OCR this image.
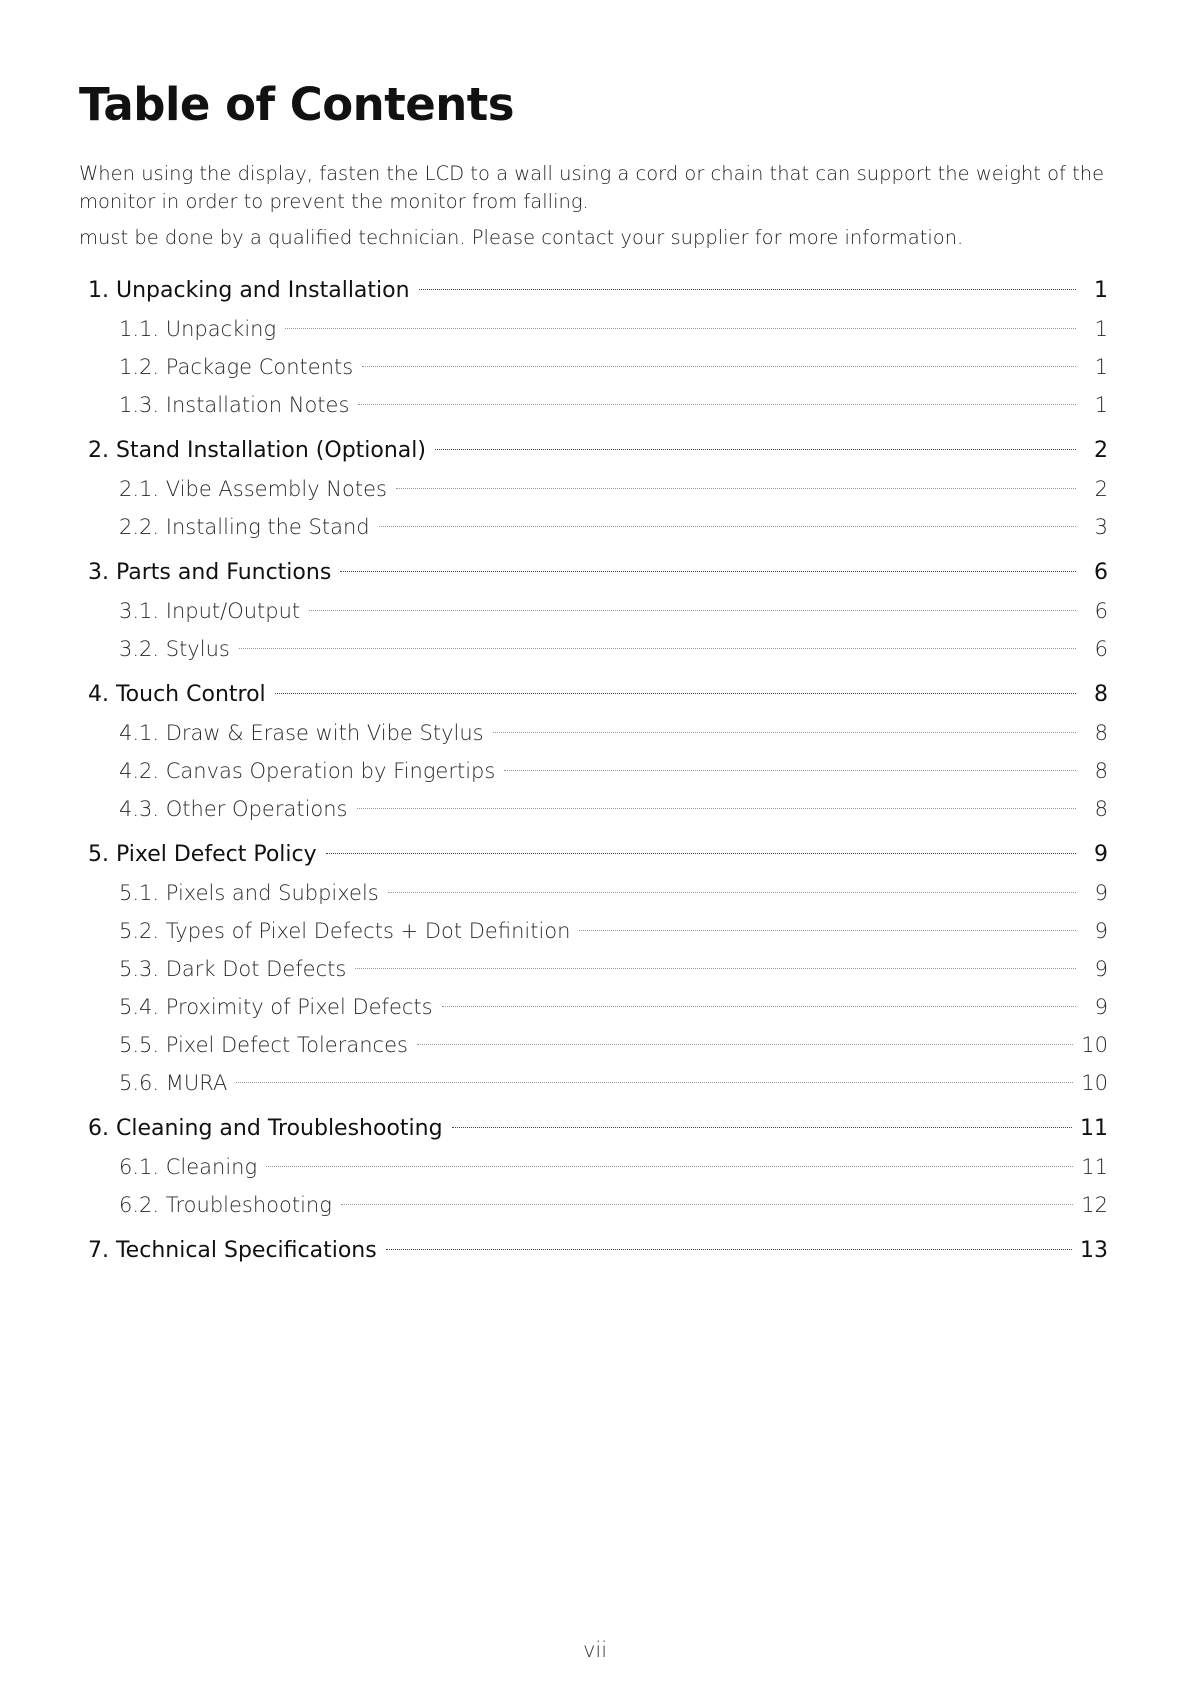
Table of Contents

When using the display, fasten the LCD to a wall using a cord or chain that can support the weight of the monitor in order to prevent the monitor from falling.

must be done by a qualified technician. Please contact your supplier for more information.

1. Unpacking and Installation	1
1.1. Unpacking	1
1.2. Package Contents	1
1.3. Installation Notes	1
2. Stand Installation (Optional)	2
2.1. Vibe Assembly Notes	2
2.2. Installing the Stand	3
3. Parts and Functions	6
3.1. Input/Output	6
3.2. Stylus	6
4. Touch Control	8
4.1. Draw & Erase with Vibe Stylus	8
4.2. Canvas Operation by Fingertips	8
4.3. Other Operations	8
5. Pixel Defect Policy	9
5.1. Pixels and Subpixels	9
5.2. Types of Pixel Defects + Dot Definition	9
5.3. Dark Dot Defects	9
5.4. Proximity of Pixel Defects	9
5.5. Pixel Defect Tolerances	10
5.6. MURA	10
6. Cleaning and Troubleshooting	11
6.1. Cleaning	11
6.2. Troubleshooting	12
7. Technical Specifications	13
vii
